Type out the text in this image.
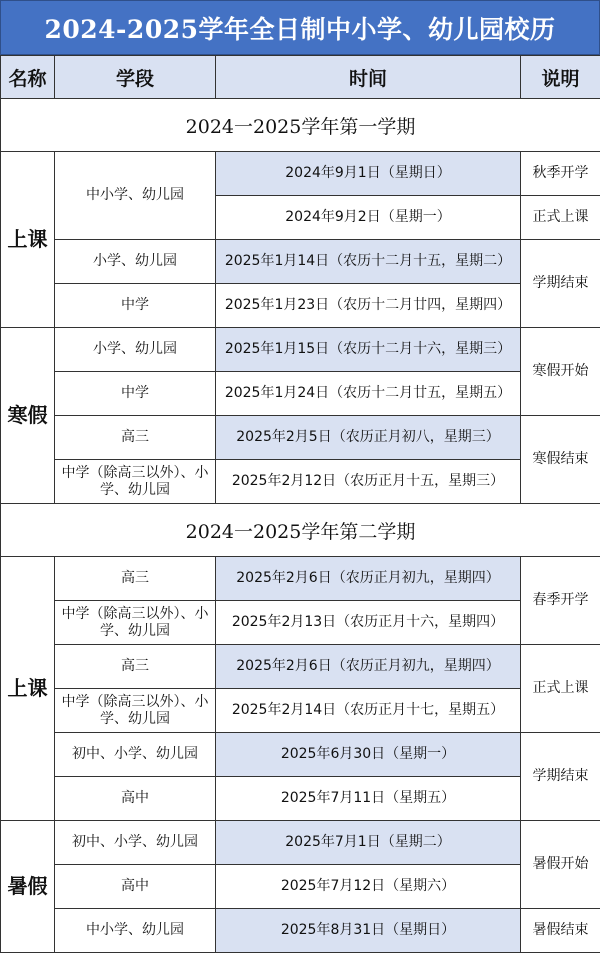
2024-2025学年全日制中小学、幼儿园校历
名称	学段	时间	说明
2024一2025学年第一学期			
上课	中小学、幼儿园	2024年9月1日（星期日）	秋季开学
		2024年9月2日（星期一）	正式上课
	小学、幼儿园	2025年1月14日（农历十二月十五，星期二）	学期结束
	中学	2025年1月23日（农历十二月廿四，星期四）	
寒假	小学、幼儿园	2025年1月15日（农历十二月十六，星期三）	寒假开始
	中学	2025年1月24日（农历十二月廿五，星期五）	
	高三	2025年2月5日（农历正月初八，星期三）	寒假结束
	中学（除高三以外）、小学、幼儿园	2025年2月12日（农历正月十五，星期三）	
2024一2025学年第二学期			
上课	高三	2025年2月6日（农历正月初九，星期四）	春季开学
	中学（除高三以外）、小学、幼儿园	2025年2月13日（农历正月十六，星期四）	
	高三	2025年2月6日（农历正月初九，星期四）	正式上课
	中学（除高三以外）、小学、幼儿园	2025年2月14日（农历正月十七，星期五）	
	初中、小学、幼儿园	2025年6月30日（星期一）	学期结束
	高中	2025年7月11日（星期五）	
暑假	初中、小学、幼儿园	2025年7月1日（星期二）	暑假开始
	高中	2025年7月12日（星期六）	
	中小学、幼儿园	2025年8月31日（星期日）	暑假结束
